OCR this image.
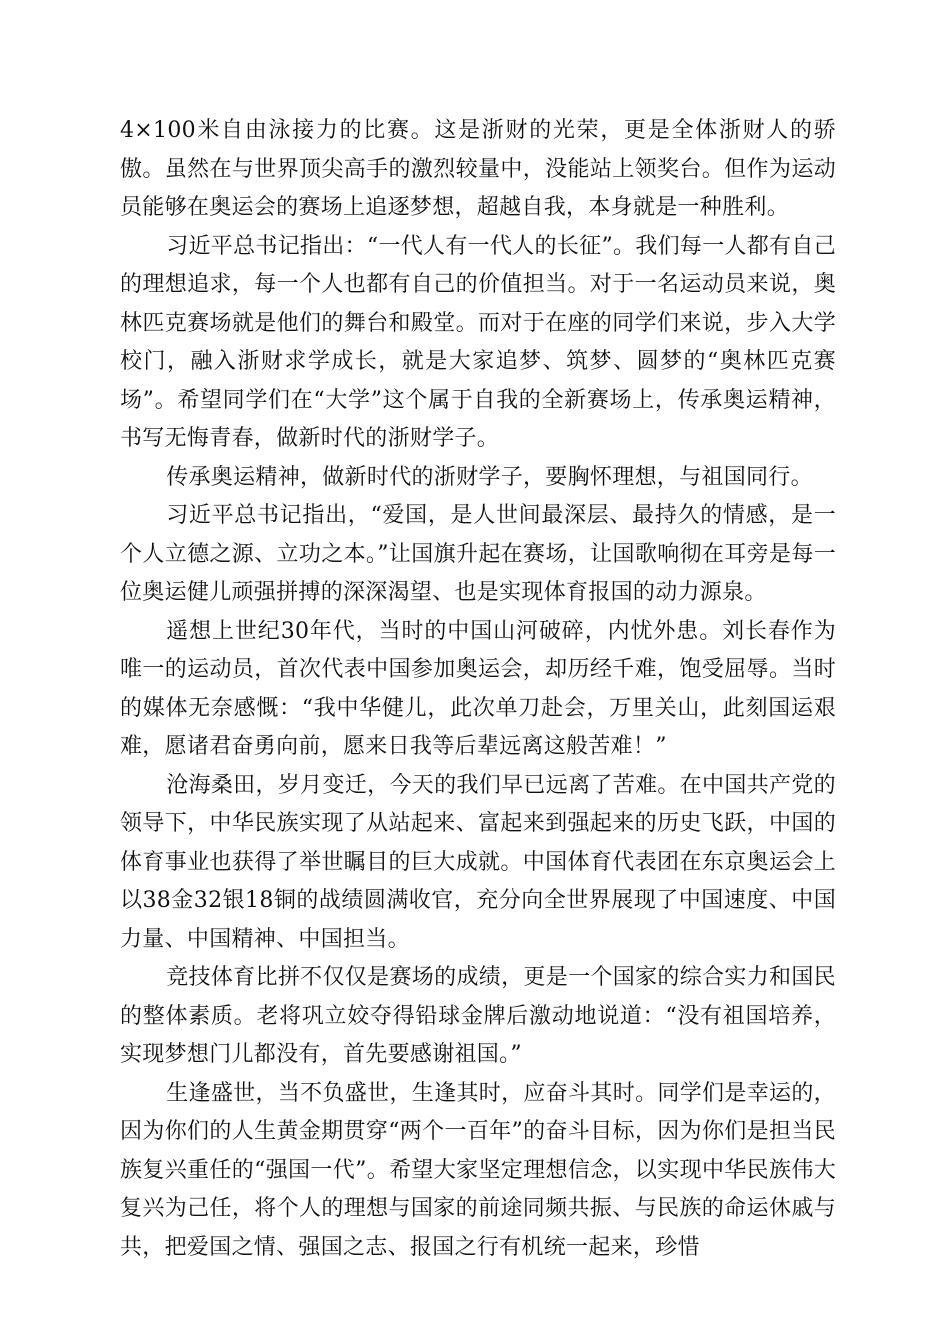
4×100米自由泳接力的比赛。这是浙财的光荣，更是全体浙财人的骄傲。虽然在与世界顶尖高手的激烈较量中，没能站上领奖台。但作为运动员能够在奥运会的赛场上追逐梦想，超越自我，本身就是一种胜利。

习近平总书记指出：“一代人有一代人的长征”。我们每一人都有自己的理想追求，每一个人也都有自己的价值担当。对于一名运动员来说，奥林匹克赛场就是他们的舞台和殿堂。而对于在座的同学们来说，步入大学校门，融入浙财求学成长，就是大家追梦、筑梦、圆梦的“奥林匹克赛场”。希望同学们在“大学”这个属于自我的全新赛场上，传承奥运精神，书写无悔青春，做新时代的浙财学子。

传承奥运精神，做新时代的浙财学子，要胸怀理想，与祖国同行。

习近平总书记指出，“爱国，是人世间最深层、最持久的情感，是一个人立德之源、立功之本。”让国旗升起在赛场，让国歌响彻在耳旁是每一位奥运健儿顽强拼搏的深深渴望、也是实现体育报国的动力源泉。

遥想上世纪30年代，当时的中国山河破碎，内忧外患。刘长春作为唯一的运动员，首次代表中国参加奥运会，却历经千难，饱受屈辱。当时的媒体无奈感慨：“我中华健儿，此次单刀赴会，万里关山，此刻国运艰难，愿诸君奋勇向前，愿来日我等后辈远离这般苦难！”

沧海桑田，岁月变迁，今天的我们早已远离了苦难。在中国共产党的领导下，中华民族实现了从站起来、富起来到强起来的历史飞跃，中国的体育事业也获得了举世瞩目的巨大成就。中国体育代表团在东京奥运会上以38金32银18铜的战绩圆满收官，充分向全世界展现了中国速度、中国力量、中国精神、中国担当。

竞技体育比拼不仅仅是赛场的成绩，更是一个国家的综合实力和国民的整体素质。老将巩立姣夺得铅球金牌后激动地说道：“没有祖国培养，实现梦想门儿都没有，首先要感谢祖国。”

生逢盛世，当不负盛世，生逢其时，应奋斗其时。同学们是幸运的，因为你们的人生黄金期贯穿“两个一百年”的奋斗目标，因为你们是担当民族复兴重任的“强国一代”。希望大家坚定理想信念，以实现中华民族伟大复兴为己任，将个人的理想与国家的前途同频共振、与民族的命运休戚与共，把爱国之情、强国之志、报国之行有机统一起来，珍惜
